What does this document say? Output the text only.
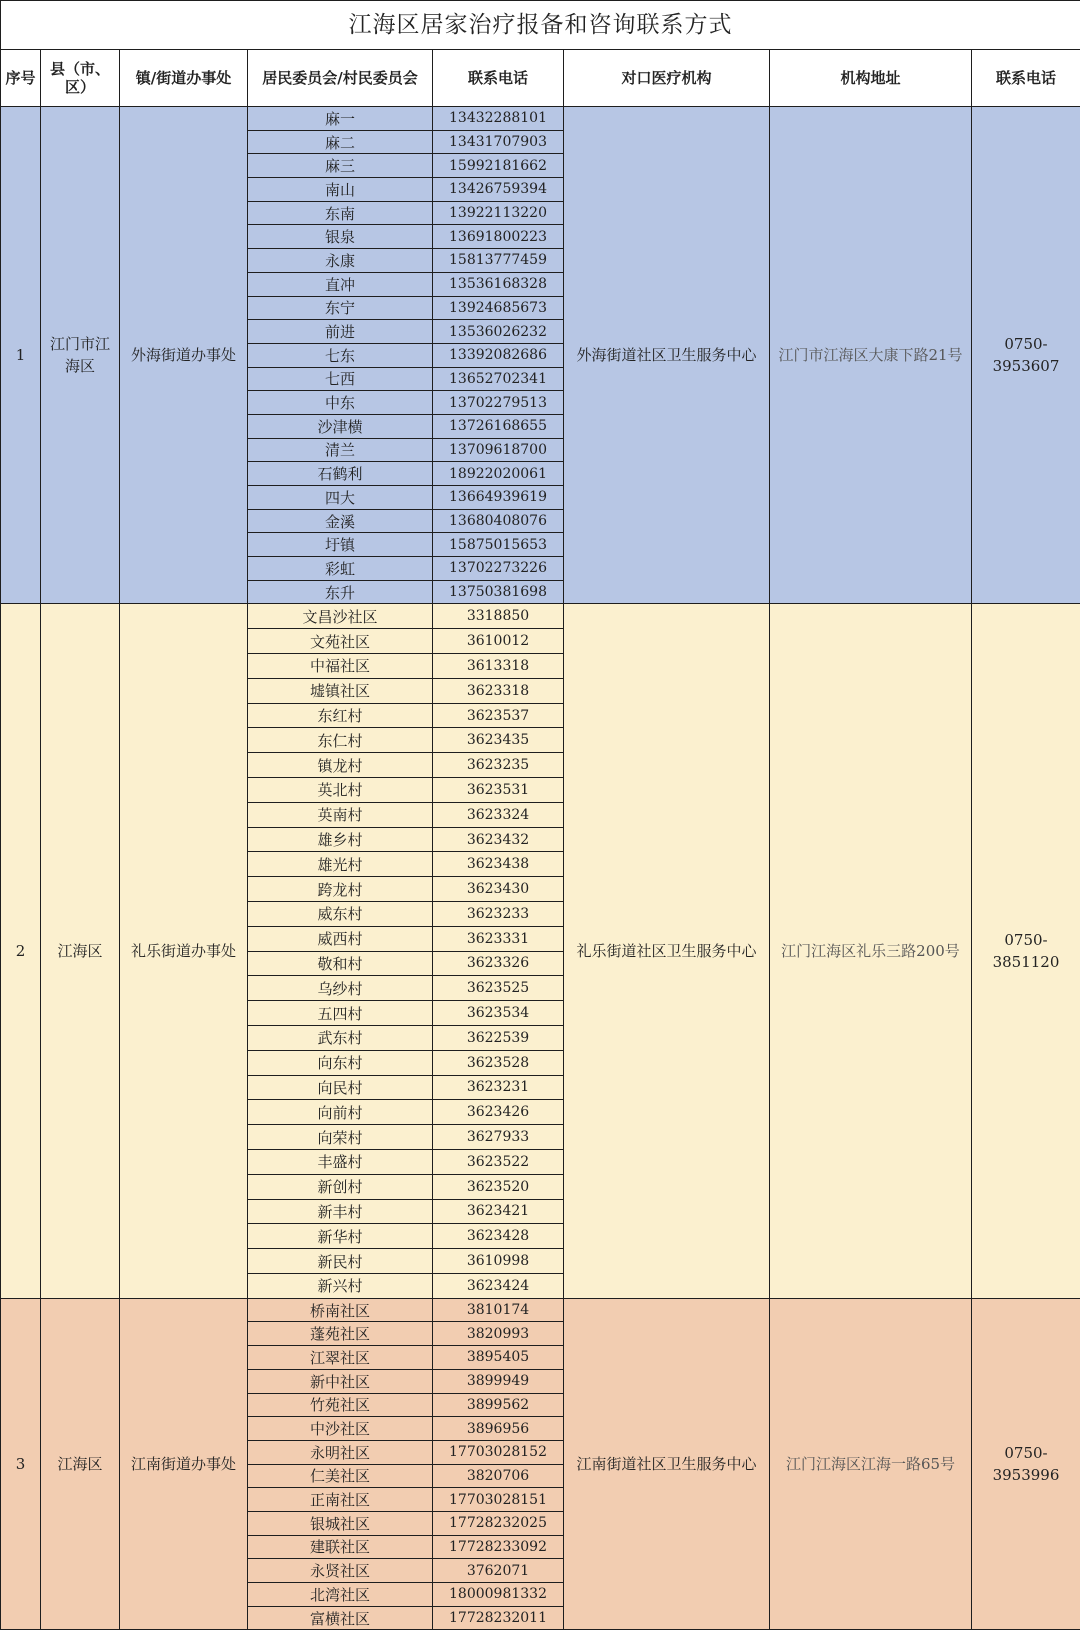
江海区居家治疗报备和咨询联系方式							
序号	县（市、区）	镇/街道办事处	居民委员会/村民委员会	联系电话	对口医疗机构	机构地址	联系电话
1	江门市江海区	外海街道办事处	麻一	13432288101	外海街道社区卫生服务中心	江门市江海区大康下路21号	0750-3953607
			麻二	13431707903			
			麻三	15992181662			
			南山	13426759394			
			东南	13922113220			
			银泉	13691800223			
			永康	15813777459			
			直冲	13536168328			
			东宁	13924685673			
			前进	13536026232			
			七东	13392082686			
			七西	13652702341			
			中东	13702279513			
			沙津横	13726168655			
			清兰	13709618700			
			石鹤利	18922020061			
			四大	13664939619			
			金溪	13680408076			
			圩镇	15875015653			
			彩虹	13702273226			
			东升	13750381698			
2	江海区	礼乐街道办事处	文昌沙社区	3318850	礼乐街道社区卫生服务中心	江门江海区礼乐三路200号	0750-3851120
			文苑社区	3610012			
			中福社区	3613318			
			墟镇社区	3623318			
			东红村	3623537			
			东仁村	3623435			
			镇龙村	3623235			
			英北村	3623531			
			英南村	3623324			
			雄乡村	3623432			
			雄光村	3623438			
			跨龙村	3623430			
			威东村	3623233			
			威西村	3623331			
			敬和村	3623326			
			乌纱村	3623525			
			五四村	3623534			
			武东村	3622539			
			向东村	3623528			
			向民村	3623231			
			向前村	3623426			
			向荣村	3627933			
			丰盛村	3623522			
			新创村	3623520			
			新丰村	3623421			
			新华村	3623428			
			新民村	3610998			
			新兴村	3623424			
3	江海区	江南街道办事处	桥南社区	3810174	江南街道社区卫生服务中心	江门江海区江海一路65号	0750-3953996
			蓬苑社区	3820993			
			江翠社区	3895405			
			新中社区	3899949			
			竹苑社区	3899562			
			中沙社区	3896956			
			永明社区	17703028152			
			仁美社区	3820706			
			正南社区	17703028151			
			银城社区	17728232025			
			建联社区	17728233092			
			永贤社区	3762071			
			北湾社区	18000981332			
			富横社区	17728232011			
